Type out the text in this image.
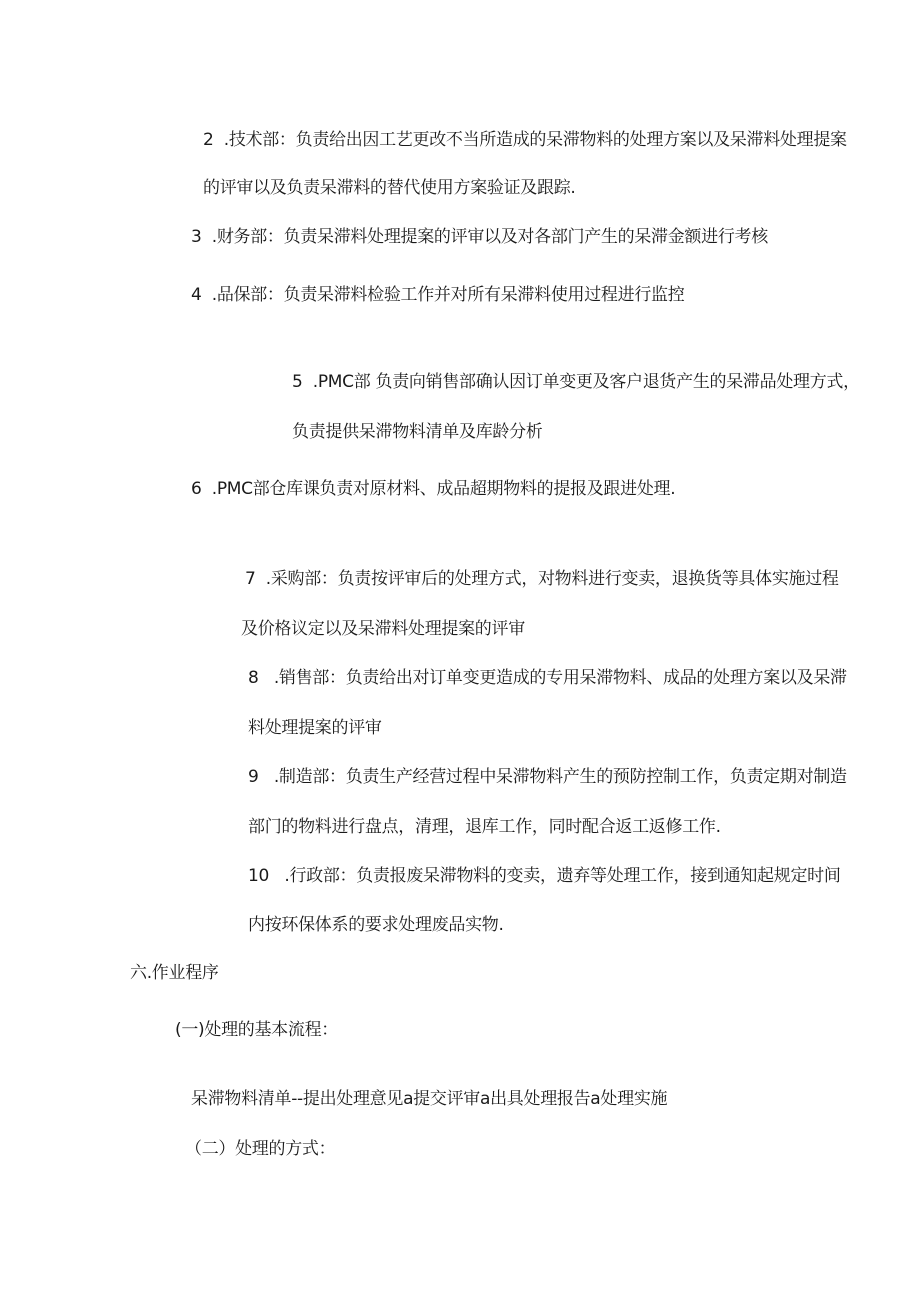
2  .技术部：负责给出因工艺更改不当所造成的呆滞物料的处理方案以及呆滞料处理提案
的评审以及负责呆滞料的替代使用方案验证及跟踪.
3  .财务部：负责呆滞料处理提案的评审以及对各部门产生的呆滞金额进行考核
4  .品保部：负责呆滞料检验工作并对所有呆滞料使用过程进行监控
5  .PMC部 负责向销售部确认因订单变更及客户退货产生的呆滞品处理方式，
负责提供呆滞物料清单及库龄分析
6  .PMC部仓库课负责对原材料、成品超期物料的提报及跟进处理.
7  .采购部：负责按评审后的处理方式，对物料进行变卖，退换货等具体实施过程
及价格议定以及呆滞料处理提案的评审
8   .销售部：负责给出对订单变更造成的专用呆滞物料、成品的处理方案以及呆滞
料处理提案的评审
9   .制造部：负责生产经营过程中呆滞物料产生的预防控制工作，负责定期对制造
部门的物料进行盘点，清理，退库工作，同时配合返工返修工作.
10   .行政部：负责报废呆滞物料的变卖，遗弃等处理工作，接到通知起规定时间
内按环保体系的要求处理废品实物.
六.作业程序
(一)处理的基本流程：
呆滞物料清单--提出处理意见a提交评审a出具处理报告a处理实施
（二）处理的方式：
